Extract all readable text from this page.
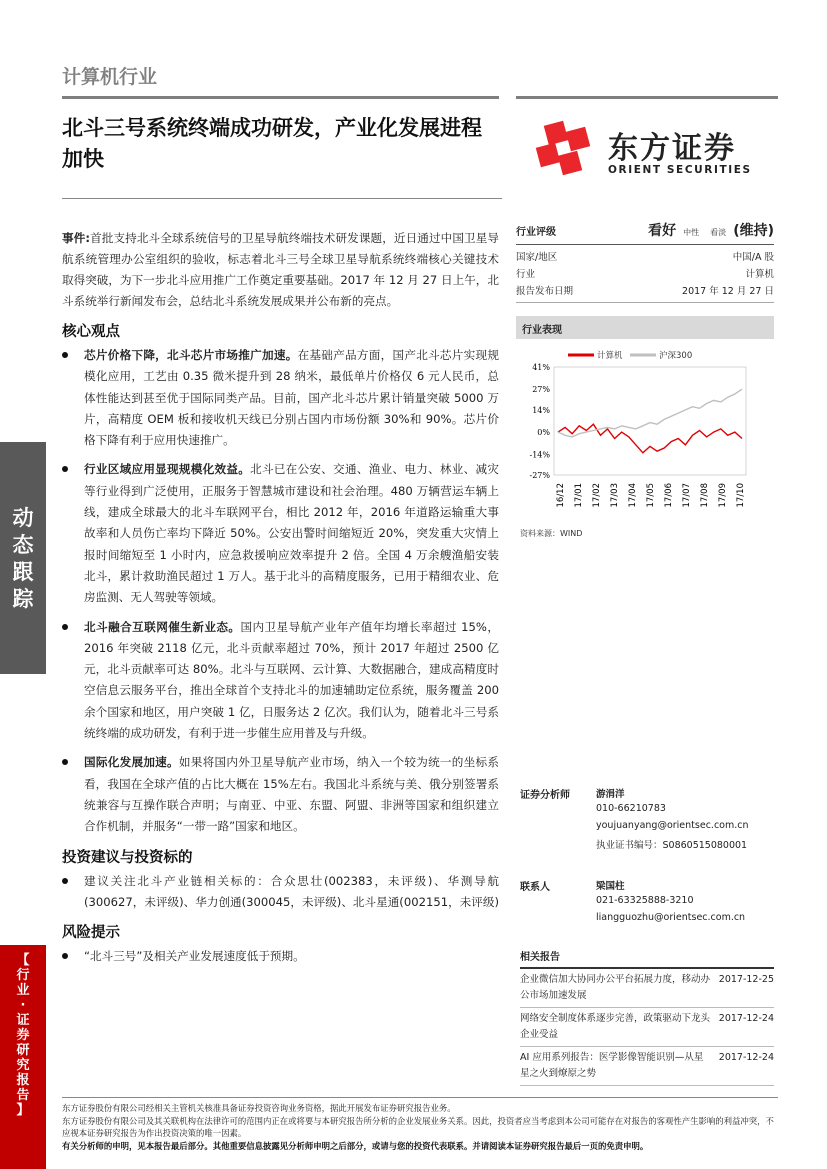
动
态
跟
踪
【
行
业
·
证
券
研
究
报
告
】
计算机行业
北斗三号系统终端成功研发，产业化发展进程加快	东方证券
ORIENT SECURITIES

事件:首批支持北斗全球系统信号的卫星导航终端技术研发课题，近日通过中国卫星导航系统管理办公室组织的验收，标志着北斗三号全球卫星导航系统终端核心关键技术取得突破，为下一步北斗应用推广工作奠定重要基础。2017 年 12 月 27 日上午，北斗系统举行新闻发布会，总结北斗系统发展成果并公布新的亮点。

核心观点
芯片价格下降，北斗芯片市场推广加速。在基础产品方面，国产北斗芯片实现规模化应用，工艺由 0.35 微米提升到 28 纳米，最低单片价格仅 6 元人民币，总体性能达到甚至优于国际同类产品。目前，国产北斗芯片累计销量突破 5000 万片，高精度 OEM 板和接收机天线已分别占国内市场份额 30%和 90%。芯片价格下降有利于应用快速推广。
行业区域应用显现规模化效益。北斗已在公安、交通、渔业、电力、林业、减灾等行业得到广泛使用，正服务于智慧城市建设和社会治理。480 万辆营运车辆上线，建成全球最大的北斗车联网平台，相比 2012 年，2016 年道路运输重大事故率和人员伤亡率均下降近 50%。公安出警时间缩短近 20%，突发重大灾情上报时间缩短至 1 小时内，应急救援响应效率提升 2 倍。全国 4 万余艘渔船安装北斗，累计救助渔民超过 1 万人。基于北斗的高精度服务，已用于精细农业、危房监测、无人驾驶等领域。
北斗融合互联网催生新业态。国内卫星导航产业年产值年均增长率超过 15%，2016 年突破 2118 亿元，北斗贡献率超过 70%，预计 2017 年超过 2500 亿元，北斗贡献率可达 80%。北斗与互联网、云计算、大数据融合，建成高精度时空信息云服务平台，推出全球首个支持北斗的加速辅助定位系统，服务覆盖 200 余个国家和地区，用户突破 1 亿，日服务达 2 亿次。我们认为，随着北斗三号系统终端的成功研发，有利于进一步催生应用普及与升级。
国际化发展加速。如果将国内外卫星导航产业市场，纳入一个较为统一的坐标系看，我国在全球产值的占比大概在 15%左右。我国北斗系统与美、俄分别签署系统兼容与互操作联合声明；与南亚、中亚、东盟、阿盟、非洲等国家和组织建立合作机制，并服务“一带一路”国家和地区。
投资建议与投资标的
建议关注北斗产业链相关标的：合众思壮(002383，未评级)、华测导航(300627，未评级)、华力创通(300045，未评级)、北斗星通(002151，未评级)
风险提示
“北斗三号”及相关产业发展速度低于预期。
行业评级	看好 中性 看淡 (维持)
国家/地区	中国/A 股
行业	计算机
报告发布日期	2017 年 12 月 27 日
行业表现
计算机	沪深300
41%
27%
14%
0%
-14%
-27%
16/12 17/01 17/02 17/03 17/04 17/05 17/06 17/07 17/08 17/09 17/10
资料来源：WIND
证券分析师	游涓洋
010-66210783
youjuanyang@orientsec.com.cn
执业证书编号：S0860515080001
联系人	梁国柱
021-63325888-3210
liangguozhu@orientsec.com.cn
相关报告
企业微信加大协同办公平台拓展力度，移动办公市场加速发展
2017-12-25
网络安全制度体系逐步完善，政策驱动下龙头企业受益
2017-12-24
AI 应用系列报告：医学影像智能识别—从星星之火到燎原之势
2017-12-24
东方证券股份有限公司经相关主管机关核准具备证券投资咨询业务资格，据此开展发布证券研究报告业务。
东方证券股份有限公司及其关联机构在法律许可的范围内正在或将要与本研究报告所分析的企业发展业务关系。因此，投资者应当考虑到本公司可能存在对报告的客观性产生影响的利益冲突，不应视本证券研究报告为作出投资决策的唯一因素。
有关分析师的申明，见本报告最后部分。其他重要信息披露见分析师申明之后部分，或请与您的投资代表联系。并请阅读本证券研究报告最后一页的免责申明。
